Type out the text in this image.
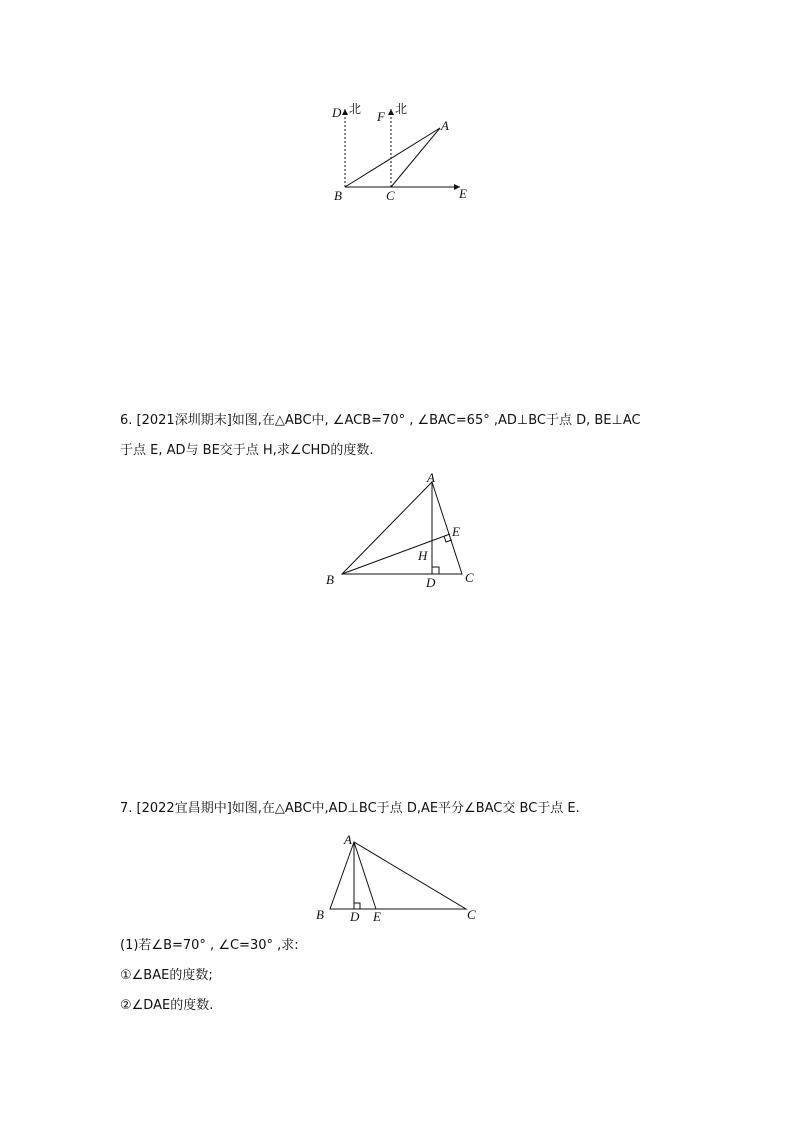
D 北 F 北
A
B	C	E
6. [2021深圳期末]如图,在△ABC中, ∠ACB=70° , ∠BAC=65° ,AD⊥BC于点 D, BE⊥AC
于点 E, AD与 BE交于点 H,求∠CHD的度数.
A
E
H
B	D C
7. [2022宜昌期中]如图,在△ABC中,AD⊥BC于点 D,AE平分∠BAC交 BC于点 E.
A
B D E	C
(1)若∠B=70° , ∠C=30° ,求:
①∠BAE的度数;
②∠DAE的度数.
